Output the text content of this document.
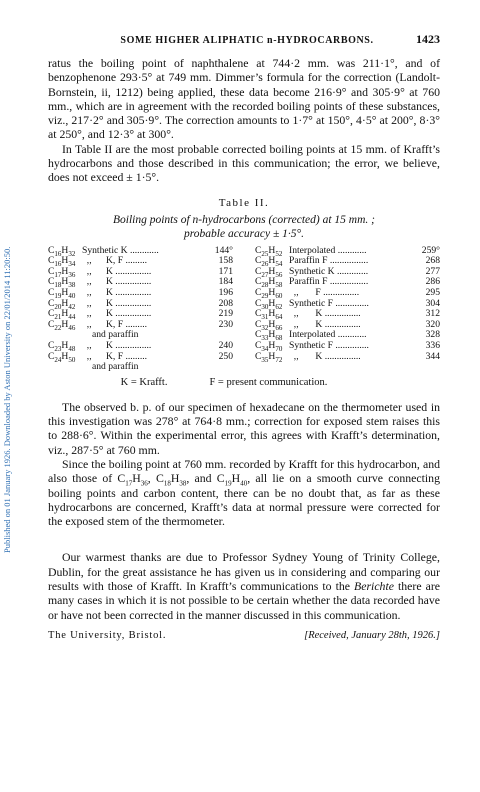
Published on 01 January 1926. Downloaded by Aston University on 22/01/2014 11:20:50.
SOME HIGHER ALIPHATIC n-HYDROCARBONS.	1423

ratus the boiling point of naphthalene at 744·2 mm. was 211·1°, and of benzophenone 293·5° at 749 mm. Dimmer’s formula for the correction (Landolt-Bornstein, ii, 1212) being applied, these data become 216·9° and 305·9° at 760 mm., which are in agreement with the recorded boiling points of these substances, viz., 217·2° and 305·9°. The correction amounts to 1·7° at 150°, 4·5° at 200°, 8·3° at 250°, and 12·3° at 300°.

In Table II are the most probable corrected boiling points at 15 mm. of Krafft’s hydrocarbons and those described in this communication; the error, we believe, does not exceed ± 1·5°.

Table II.
Boiling points of n-hydrocarbons (corrected) at 15 mm. ;
probable accuracy ± 1·5°.
$C_{16}H_{32}$ Synthetic K ............	144°
$C_{16}H_{34}$ ,,      K, F .........	158
$C_{17}H_{36}$ ,,      K ...............	171
$C_{18}H_{38}$ ,,      K ...............	184
$C_{19}H_{40}$ ,,      K ...............	196
$C_{20}H_{42}$ ,,      K ...............	208
$C_{21}H_{44}$ ,,      K ...............	219
$C_{22}H_{46}$ ,,      K, F .........	230
and paraffin
$C_{23}H_{48}$ ,,      K ...............	240
$C_{24}H_{50}$ ,,      K, F .........	250
and paraffin
$C_{25}H_{52}$ Interpolated ............	259°
$C_{26}H_{54}$ Paraffin F ................	268
$C_{27}H_{56}$ Synthetic K .............	277
$C_{28}H_{58}$ Paraffin F ................	286
$C_{29}H_{60}$ ,,       F ...............	295
$C_{30}H_{62}$ Synthetic F ..............	304
$C_{31}H_{64}$ ,,       K ...............	312
$C_{32}H_{66}$ ,,       K ...............	320
$C_{33}H_{68}$ Interpolated ............	328
$C_{34}H_{70}$ Synthetic F ..............	336
$C_{35}H_{72}$ ,,       K ...............	344
K = Krafft.	F = present communication.

The observed b. p. of our specimen of hexadecane on the thermometer used in this investigation was 278° at 764·8 mm.; correction for exposed stem raises this to 288·6°. Within the experimental error, this agrees with Krafft’s determination, viz., 287·5° at 760 mm.

Since the boiling point at 760 mm. recorded by Krafft for this hydrocarbon, and also those of $C_{17}H_{36}$, $C_{18}H_{38}$, and $C_{19}H_{40}$, all lie on a smooth curve connecting boiling points and carbon content, there can be no doubt that, as far as these hydrocarbons are concerned, Krafft’s data at normal pressure were corrected for the exposed stem of the thermometer.

Our warmest thanks are due to Professor Sydney Young of Trinity College, Dublin, for the great assistance he has given us in considering and comparing our results with those of Krafft. In Krafft’s communications to the Berichte there are many cases in which it is not possible to be certain whether the data recorded have or have not been corrected in the manner discussed in this communication.

The University, Bristol.	[Received, January 28th, 1926.]
